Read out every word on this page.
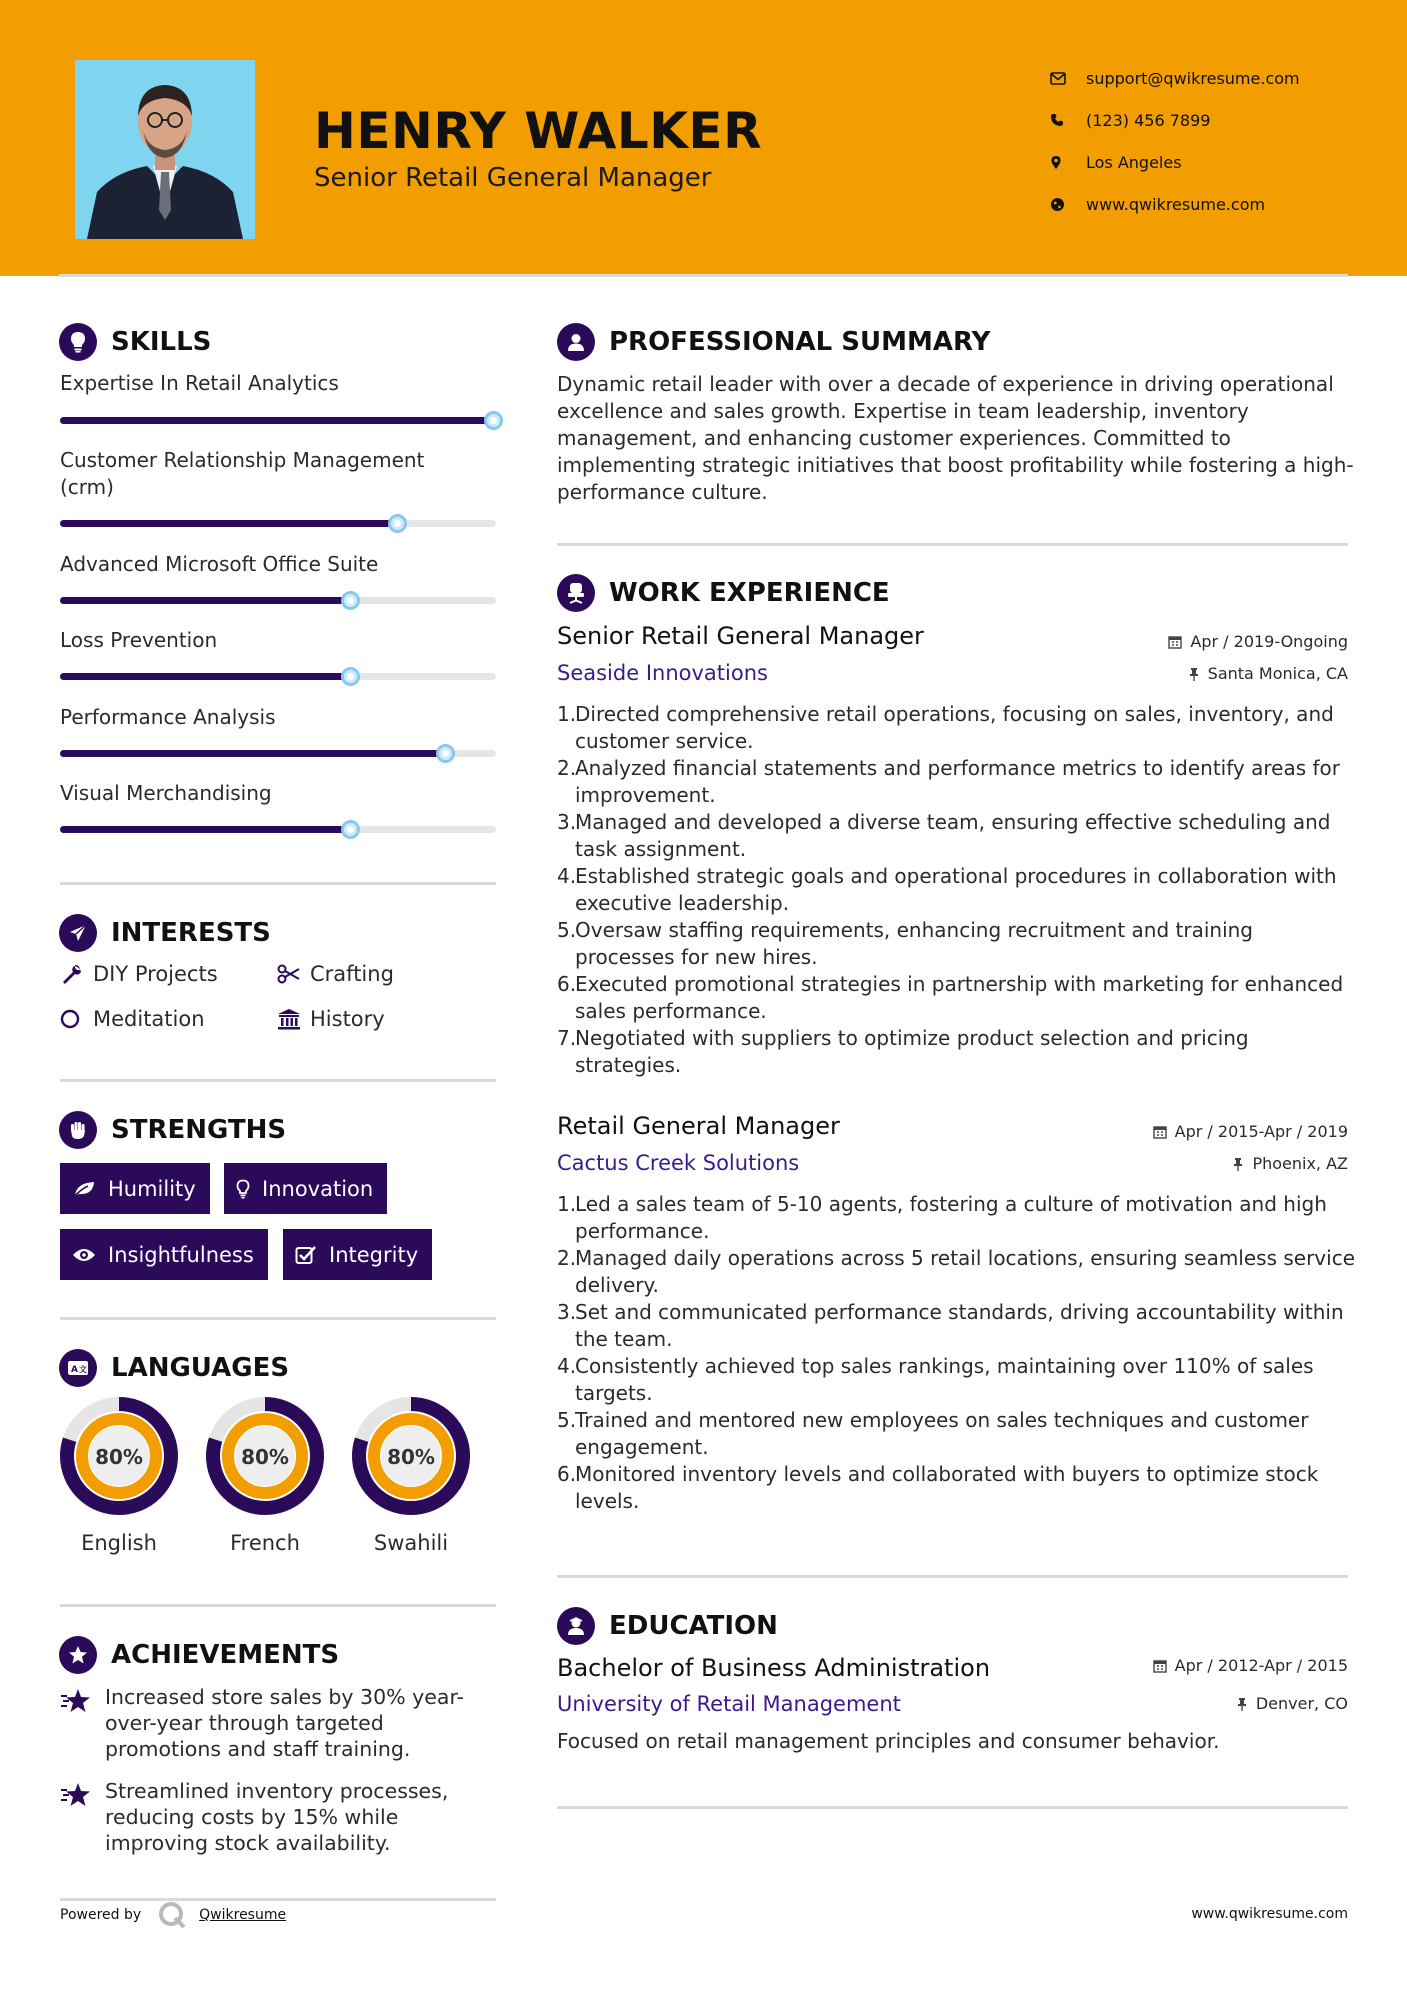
HENRY WALKER
Senior Retail General Manager
support@qwikresume.com
(123) 456 7899
Los Angeles
www.qwikresume.com
SKILLS
Expertise In Retail Analytics
Customer Relationship Management (crm)
Advanced Microsoft Office Suite
Loss Prevention
Performance Analysis
Visual Merchandising
INTERESTS
DIY Projects	Crafting
Meditation	History
STRENGTHS
Humility	Innovation
Insightfulness	Integrity
A 文 LANGUAGES
80%
English
80%
French
80%
Swahili
ACHIEVEMENTS
Increased store sales by 30% year-over-year through targeted promotions and staff training.
Streamlined inventory processes, reducing costs by 15% while improving stock availability.
PROFESSIONAL SUMMARY
Dynamic retail leader with over a decade of experience in driving operational excellence and sales growth. Expertise in team leadership, inventory management, and enhancing customer experiences. Committed to implementing strategic initiatives that boost profitability while fostering a high-performance culture.
WORK EXPERIENCE
Senior Retail General Manager	Apr / 2019-Ongoing
Seaside Innovations	Santa Monica, CA
1.
Directed comprehensive retail operations, focusing on sales, inventory, and customer service.
2.
Analyzed financial statements and performance metrics to identify areas for improvement.
3.
Managed and developed a diverse team, ensuring effective scheduling and task assignment.
4.
Established strategic goals and operational procedures in collaboration with executive leadership.
5.
Oversaw staffing requirements, enhancing recruitment and training processes for new hires.
6.
Executed promotional strategies in partnership with marketing for enhanced sales performance.
7.
Negotiated with suppliers to optimize product selection and pricing strategies.
Retail General Manager	Apr / 2015-Apr / 2019
Cactus Creek Solutions	Phoenix, AZ
1.
Led a sales team of 5-10 agents, fostering a culture of motivation and high performance.
2.
Managed daily operations across 5 retail locations, ensuring seamless service delivery.
3.
Set and communicated performance standards, driving accountability within the team.
4.
Consistently achieved top sales rankings, maintaining over 110% of sales targets.
5.
Trained and mentored new employees on sales techniques and customer engagement.
6.
Monitored inventory levels and collaborated with buyers to optimize stock levels.
EDUCATION
Bachelor of Business Administration	Apr / 2012-Apr / 2015
University of Retail Management	Denver, CO
Focused on retail management principles and consumer behavior.
Powered by	Qwikresume	www.qwikresume.com
